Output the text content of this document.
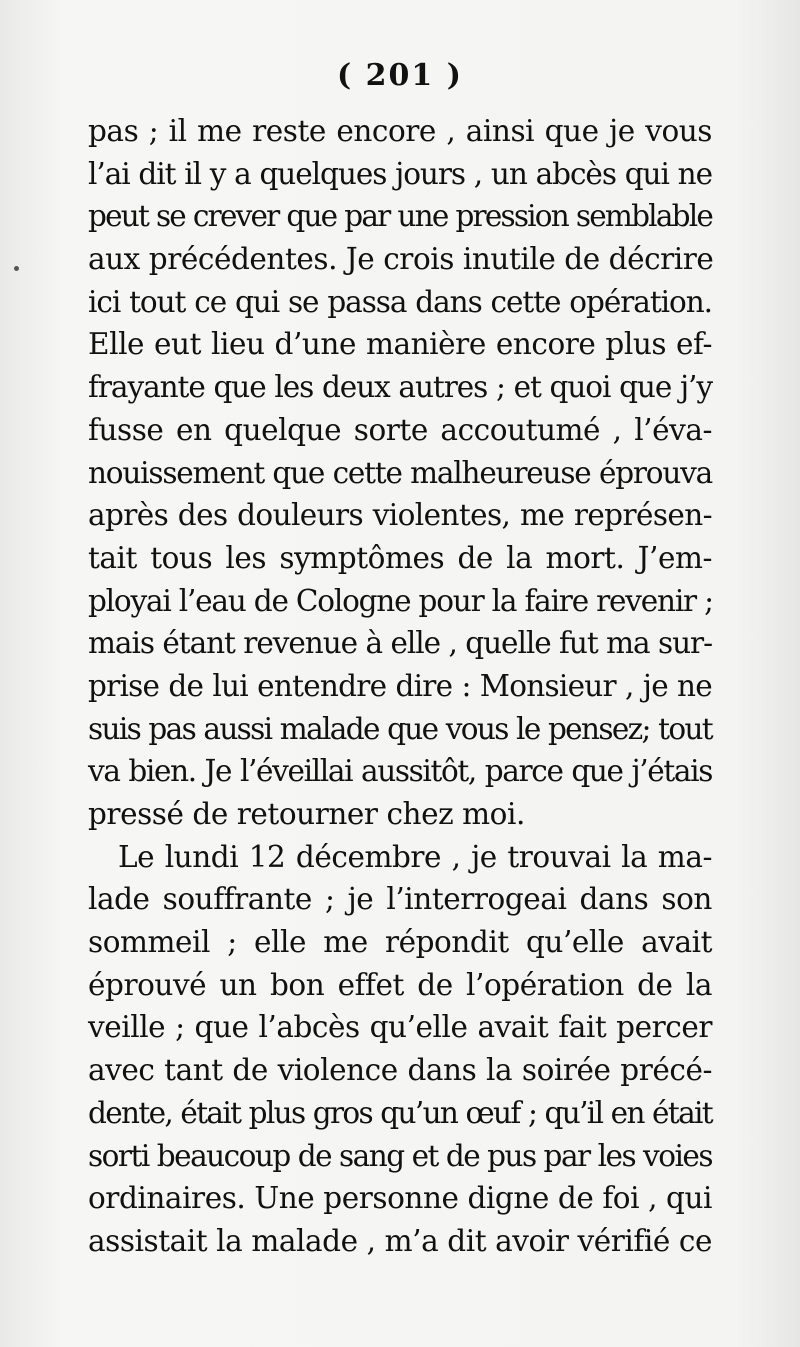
( 201 )
pas ; il me reste encore , ainsi que je vous
l’ai dit il y a quelques jours , un abcès qui ne
peut se crever que par une pression semblable
aux précédentes. Je crois inutile de décrire
ici tout ce qui se passa dans cette opération.
Elle eut lieu d’une manière encore plus ef-
frayante que les deux autres ; et quoi que j’y
fusse en quelque sorte accoutumé , l’éva-
nouissement que cette malheureuse éprouva
après des douleurs violentes, me représen-
tait tous les symptômes de la mort. J’em-
ployai l’eau de Cologne pour la faire revenir ;
mais étant revenue à elle , quelle fut ma sur-
prise de lui entendre dire : Monsieur , je ne
suis pas aussi malade que vous le pensez; tout
va bien. Je l’éveillai aussitôt, parce que j’étais
pressé de retourner chez moi.
Le lundi 12 décembre , je trouvai la ma-
lade souffrante ; je l’interrogeai dans son
sommeil ; elle me répondit qu’elle avait
éprouvé un bon effet de l’opération de la
veille ; que l’abcès qu’elle avait fait percer
avec tant de violence dans la soirée précé-
dente, était plus gros qu’un œuf ; qu’il en était
sorti beaucoup de sang et de pus par les voies
ordinaires. Une personne digne de foi , qui
assistait la malade , m’a dit avoir vérifié ce
